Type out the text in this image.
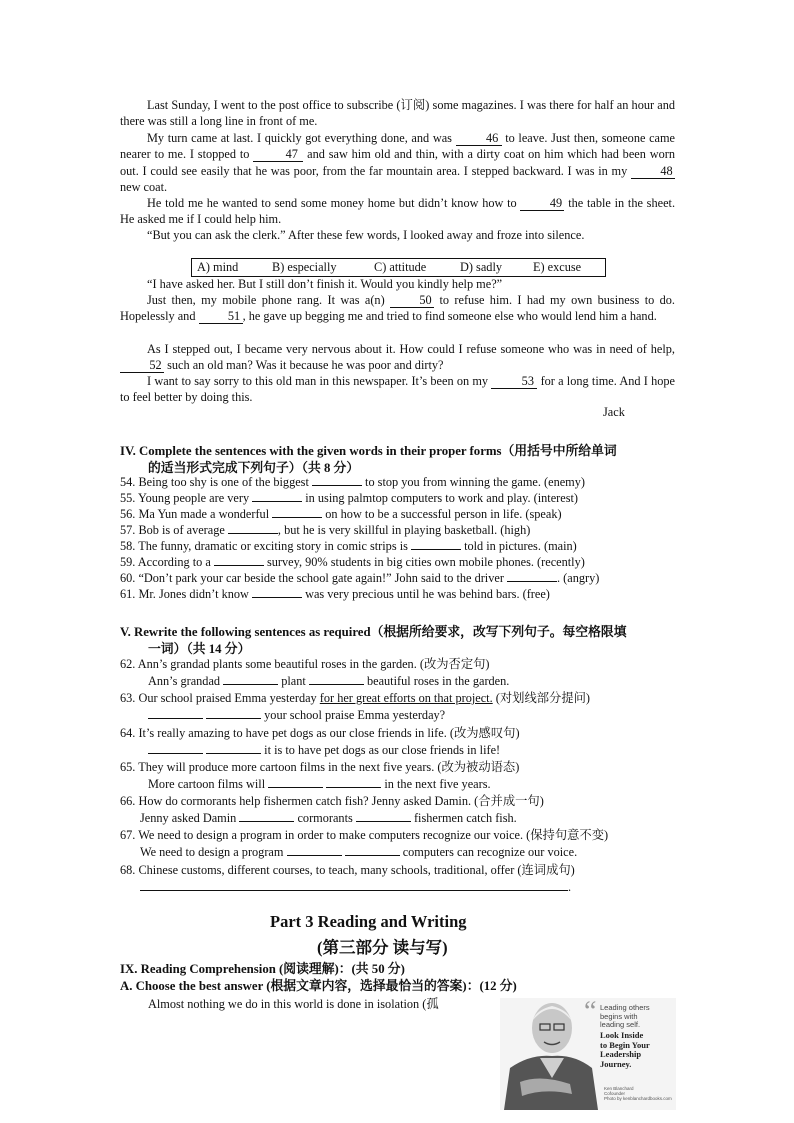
Last Sunday, I went to the post office to subscribe (订阅) some magazines. I was there for half an hour and there was still a long line in front of me.
My turn came at last. I quickly got everything done, and was	46 to leave. Just then, someone came nearer to me. I stopped to	47 and saw him old and thin, with a dirty coat on him which had been worn out. I could see easily that he was poor, from the far mountain area. I stepped backward. I was in my	48 new coat.
He told me he wanted to send some money home but didn’t know how to	49 the table in the sheet. He asked me if I could help him.
“But you can ask the clerk.” After these few words, I looked away and froze into silence.
A) mind	B) especially	C) attitude	D) sadly	E) excuse
“I have asked her. But I still don’t finish it. Would you kindly help me?”
Just then, my mobile phone rang. It was a(n)	50 to refuse him. I had my own business to do. Hopelessly and	51 , he gave up begging me and tried to find someone else who would lend him a hand.
As I stepped out, I became very nervous about it. How could I refuse someone who was in need of help, 52 such an old man? Was it because he was poor and dirty?
I want to say sorry to this old man in this newspaper. It’s been on my	53 for a long time. And I hope to feel better by doing this.
Jack
IV. Complete the sentences with the given words in their proper forms（用括号中所给单词
的适当形式完成下列句子）（共 8 分）
54. Being too shy is one of the biggest	to stop you from winning the game. (enemy)
55. Young people are very	in using palmtop computers to work and play. (interest)
56. Ma Yun made a wonderful	on how to be a successful person in life. (speak)
57. Bob is of average	, but he is very skillful in playing basketball. (high)
58. The funny, dramatic or exciting story in comic strips is	told in pictures. (main)
59. According to a	survey, 90% students in big cities own mobile phones. (recently)
60. “Don’t park your car beside the school gate again!” John said to the driver	. (angry)
61. Mr. Jones didn’t know	was very precious until he was behind bars. (free)
V. Rewrite the following sentences as required（根据所给要求，改写下列句子。每空格限填
一词）（共 14 分）
62. Ann’s grandad plants some beautiful roses in the garden. (改为否定句)
Ann’s grandad	plant	beautiful roses in the garden.
63. Our school praised Emma yesterday for her great efforts on that project. (对划线部分提问)
your school praise Emma yesterday?
64. It’s really amazing to have pet dogs as our close friends in life. (改为感叹句)
it is to have pet dogs as our close friends in life!
65. They will produce more cartoon films in the next five years. (改为被动语态)
More cartoon films will	in the next five years.
66. How do cormorants help fishermen catch fish? Jenny asked Damin. (合并成一句)
Jenny asked Damin	cormorants	fishermen catch fish.
67. We need to design a program in order to make computers recognize our voice. (保持句意不变)
We need to design a program	computers can recognize our voice.
68. Chinese customs, different courses, to teach, many schools, traditional, offer (连词成句)
.
Part 3 Reading and Writing
(第三部分 读与写)
IX. Reading Comprehension (阅读理解)：(共 50 分)
A. Choose the best answer (根据文章内容，选择最恰当的答案)：(12 分)
Almost nothing we do in this world is done in isolation (孤	“ Leading others
begins with
leading self.
Look Inside
to Begin Your
Leadership
Journey.
Ken Blanchard
Cofounder
Photo by kenblanchardbooks.com
